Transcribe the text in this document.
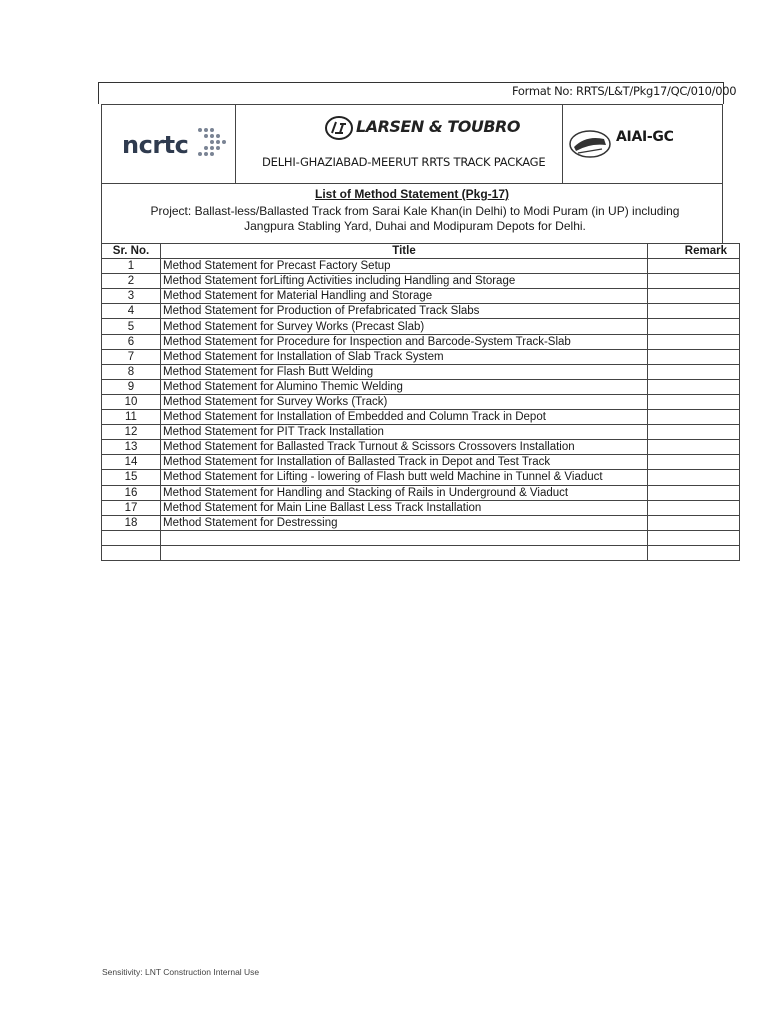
Format No: RRTS/L&T/Pkg17/QC/010/000
ncrtc
LARSEN & TOUBRO
DELHI-GHAZIABAD-MEERUT RRTS TRACK PACKAGE
AIAI-GC
List of Method Statement (Pkg-17)
Project: Ballast-less/Ballasted Track from Sarai Kale Khan(in Delhi) to Modi Puram (in UP) including Jangpura Stabling Yard, Duhai and Modipuram Depots for Delhi.
Sr. No.	Title	Remark
1	Method Statement for Precast Factory Setup	
2	Method Statement forLifting Activities including Handling and Storage	
3	Method Statement for Material Handling and Storage	
4	Method Statement for Production of Prefabricated Track Slabs	
5	Method Statement for Survey Works (Precast Slab)	
6	Method Statement for Procedure for Inspection and Barcode-System Track-Slab	
7	Method Statement for Installation of Slab Track System	
8	Method Statement for Flash Butt Welding	
9	Method Statement for Alumino Themic Welding	
10	Method Statement for Survey Works (Track)	
11	Method Statement for Installation of Embedded and Column Track in Depot	
12	Method Statement for PIT Track Installation	
13	Method Statement for Ballasted Track Turnout & Scissors Crossovers Installation	
14	Method Statement for Installation of Ballasted Track in Depot and Test Track	
15	Method Statement for Lifting - lowering of Flash butt weld Machine in Tunnel & Viaduct	
16	Method Statement for Handling and Stacking of Rails in Underground & Viaduct	
17	Method Statement for Main Line Ballast Less Track Installation	
18	Method Statement for Destressing	

Sensitivity: LNT Construction Internal Use
